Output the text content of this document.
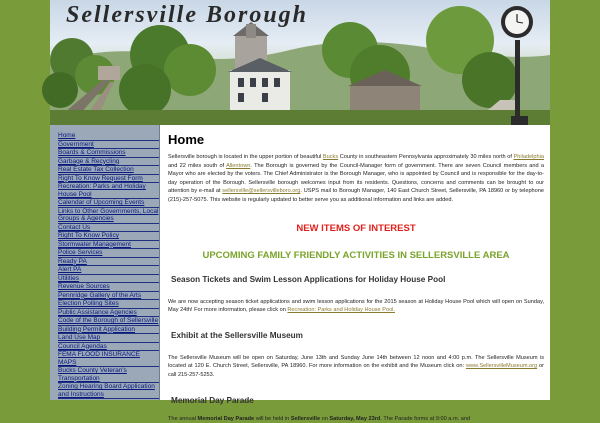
Sellersville Borough
Home
Government
Boards & Commissions
Garbage & Recycling
Real Estate Tax Collection
Right To Know Request Form
Recreation: Parks and Holiday House Pool
Calendar of Upcoming Events
Links to Other Governments, Local Groups & Agencies
Contact Us
Right To Know Policy
Stormwater Management
Police Services
Ready PA
Alert PA
Utilities
Revenue Sources
Pennridge Gallery of the Arts
Election Polling Sites
Public Assistance Agencies
Code of the Borough of Sellersville
Building Permit Application
Land Use Map
Council Agendas
FEMA FLOOD INSURANCE MAPS
Bucks County Veteran's Transportation
Zoning Hearing Board Application and Instructions
Home

Sellersville borough is located in the upper portion of beautiful Bucks County in southeastern Pennsylvania approximately 30 miles north of Philadelphia and 22 miles south of Allentown. The Borough is governed by the Council-Manager form of government. There are seven Council members and a Mayor who are elected by the voters. The Chief Administrator is the Borough Manager, who is appointed by Council and is responsible for the day-to-day operation of the Borough. Sellersville borough welcomes input from its residents. Questions, concerns and comments can be brought to our attention by e-mail at sellersville@sellersvilleboro.org. USPS mail to Borough Manager, 140 East Church Street, Sellersville, PA 18960 or by telephone (215)-257-5075. This website is regularly updated to better serve you as additional information and links are added.

NEW ITEMS OF INTEREST
UPCOMING FAMILY FRIENDLY ACTIVITIES IN SELLERSVILLE AREA
Season Tickets and Swim Lesson Applications for Holiday House Pool

We are now accepting season ticket applications and swim lesson applications for the 2015 season at Holiday House Pool which will open on Sunday, May 24th! For more information, please click on Recreation: Parks and Holiday House Pool.

Exhibit at the Sellersville Museum

The Sellersville Museum will be open on Saturday, June 13th and Sunday June 14th between 12 noon and 4:00 p.m. The Sellersville Museum is located at 120 E. Church Street, Sellersville, PA 18960. For more information on the exhibit and the Museum click on: www.SellersvilleMuseum.org or call 215-257-5253.

Memorial Day Parade

The annual Memorial Day Parade will be held in Sellersville on Saturday, May 23rd. The Parade forms at 9:00 a.m. and
